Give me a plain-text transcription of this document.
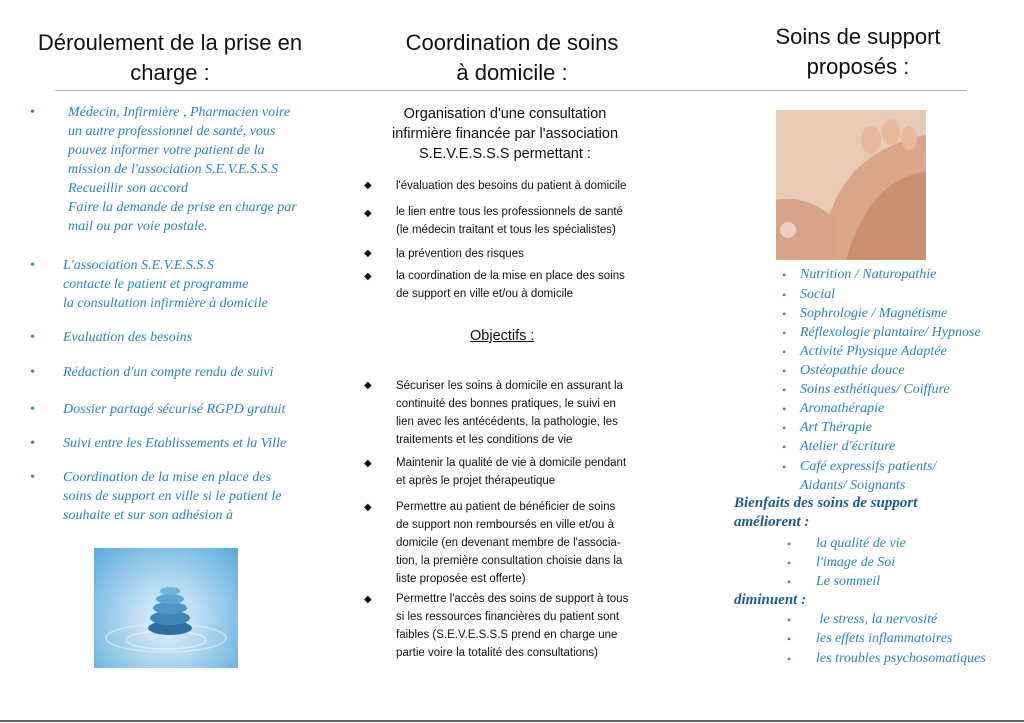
Déroulement de la prise en
charge :
Coordination de soins
à domicile :
Soins de support
proposés :
• Médecin, Infirmière , Pharmacien voire
un autre professionnel de santé, vous
pouvez informer votre patient de la
mission de l'association S.E.V.E.S.S.S
Recueillir son accord
Faire la demande de prise en charge par
mail ou par voie postale.
• L'association S.E.V.E.S.S.S
contacte le patient et programme
la consultation infirmière à domicile
• Evaluation des besoins
• Rédaction d'un compte rendu de suivi
• Dossier partagé sécurisé RGPD gratuit
• Suivi entre les Etablissements et la Ville
• Coordination de la mise en place des
soins de support en ville si le patient le
souhaite et sur son adhésion à
Organisation d'une consultation
infirmière financée par l'association
S.E.V.E.S.S.S permettant :
◆ l'évaluation des besoins du patient à domicile
◆ le lien entre tous les professionnels de santé
(le médecin traitant et tous les spécialistes)
◆ la prévention des risques
◆ la coordination de la mise en place des soins
de support en ville et/ou à domicile
Objectifs :
◆ Sécuriser les soins à domicile en assurant la
continuité des bonnes pratiques, le suivi en
lien avec les antécédents, la pathologie, les
traitements et les conditions de vie
◆ Maintenir la qualité de vie à domicile pendant
et après le projet thérapeutique
◆ Permettre au patient de bénéficier de soins
de support non remboursés en ville et/ou à
domicile (en devenant membre de l'associa-
tion, la première consultation choisie dans la
liste proposée est offerte)
◆ Permettre l'accès des soins de support à tous
si les ressources financières du patient sont
faibles (S.E.V.E.S.S.S prend en charge une
partie voire la totalité des consultations)
• Nutrition / Naturopathie
• Social
• Sophrologie / Magnétisme
• Réflexologie plantaire/ Hypnose
• Activité Physique Adaptée
• Ostéopathie douce
• Soins esthétiques/ Coiffure
• Aromathérapie
• Art Thérapie
• Atelier d'écriture
• Café expressifs patients/
Aidants/ Soignants
Bienfaits des soins de support
améliorent :
• la qualité de vie
• l'image de Soi
• Le sommeil
diminuent :
• le stress, la nervosité
• les effets inflammatoires
• les troubles psychosomatiques
